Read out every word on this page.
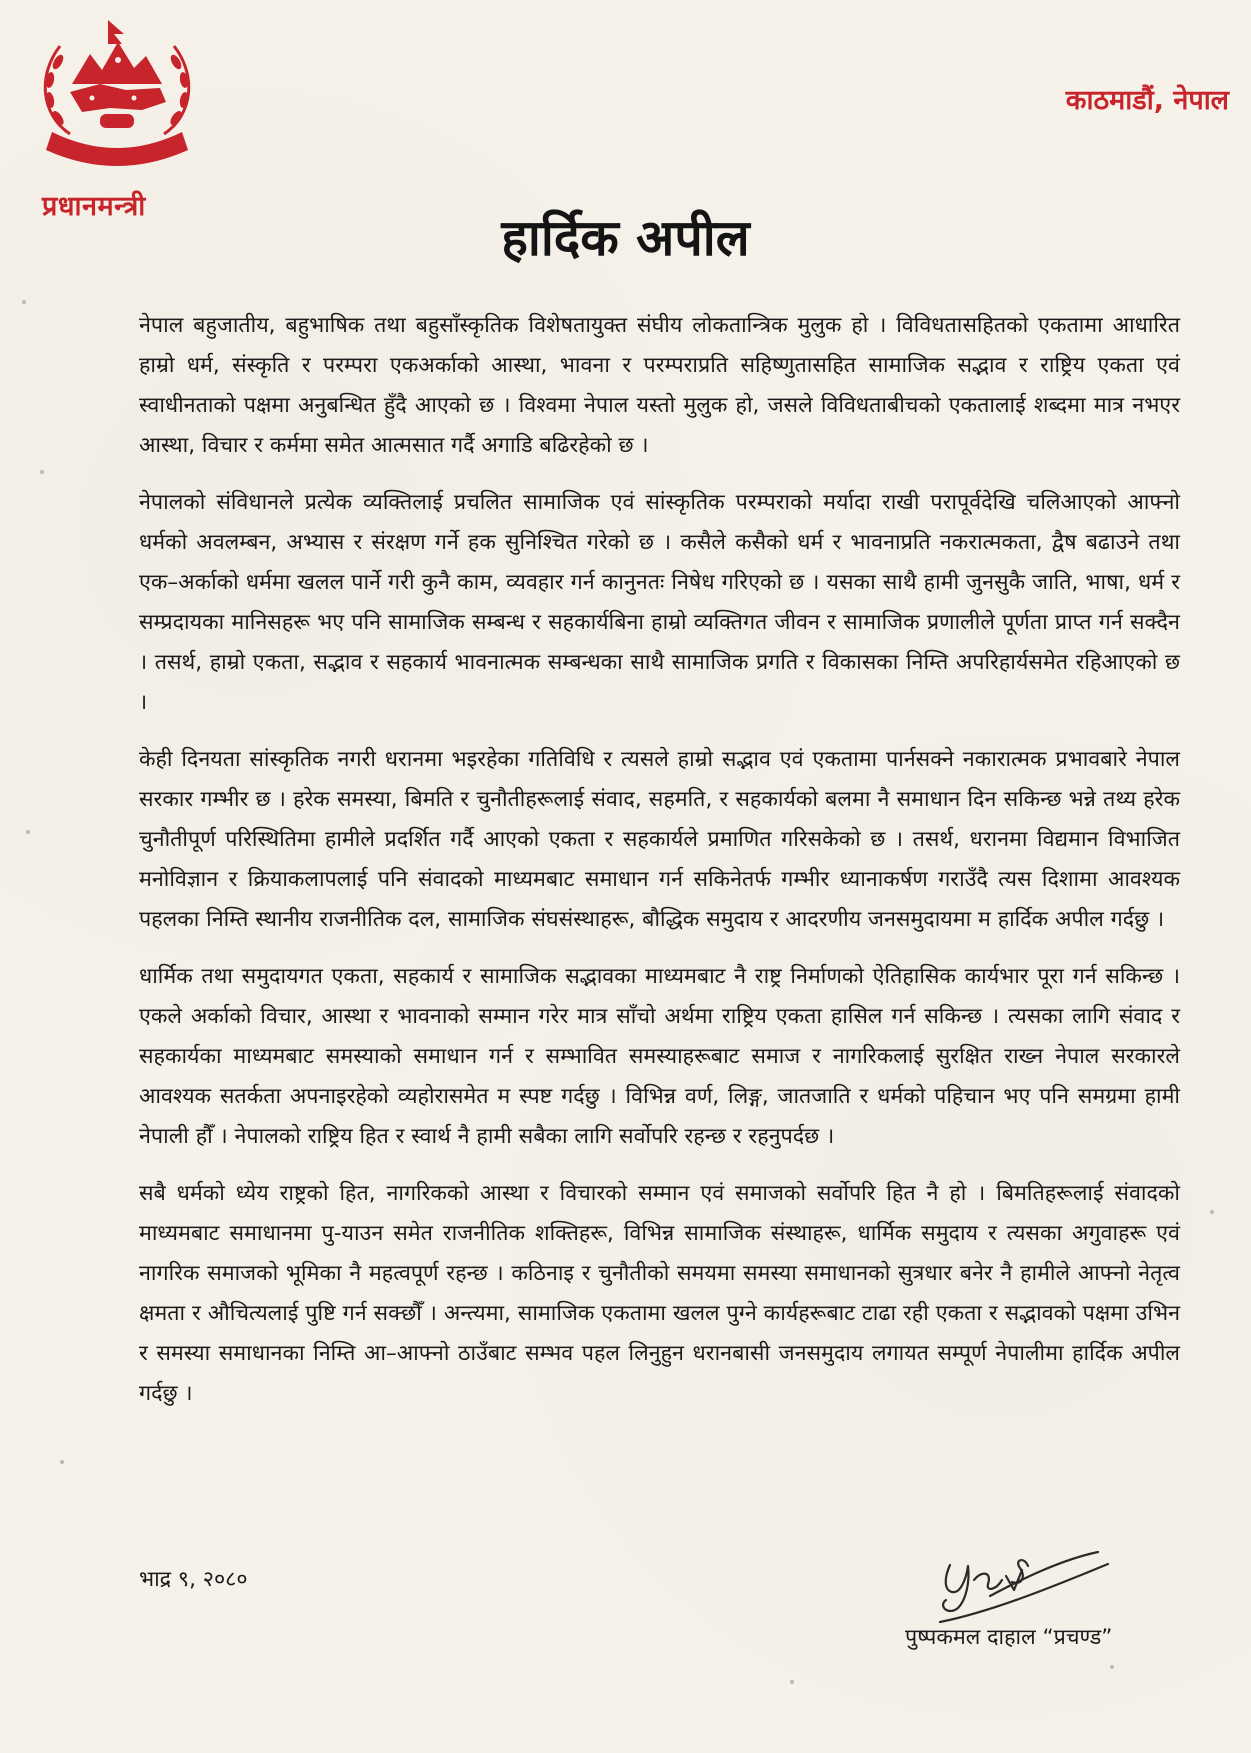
प्रधानमन्त्री
काठमाडौं, नेपाल
हार्दिक अपील

नेपाल बहुजातीय, बहुभाषिक तथा बहुसाँस्कृतिक विशेषतायुक्त संघीय लोकतान्त्रिक मुलुक हो । विविधतासहितको एकतामा आधारित हाम्रो धर्म, संस्कृति र परम्परा एकअर्काको आस्था, भावना र परम्पराप्रति सहिष्णुतासहित सामाजिक सद्भाव र राष्ट्रिय एकता एवं स्वाधीनताको पक्षमा अनुबन्धित हुँदै आएको छ । विश्वमा नेपाल यस्तो मुलुक हो, जसले विविधताबीचको एकतालाई शब्दमा मात्र नभएर आस्था, विचार र कर्ममा समेत आत्मसात गर्दै अगाडि बढिरहेको छ ।

नेपालको संविधानले प्रत्येक व्यक्तिलाई प्रचलित सामाजिक एवं सांस्कृतिक परम्पराको मर्यादा राखी परापूर्वदेखि चलिआएको आफ्नो धर्मको अवलम्बन, अभ्यास र संरक्षण गर्ने हक सुनिश्चित गरेको छ । कसैले कसैको धर्म र भावनाप्रति नकरात्मकता, द्वैष बढाउने तथा एक–अर्काको धर्ममा खलल पार्ने गरी कुनै काम, व्यवहार गर्न कानुनतः निषेध गरिएको छ । यसका साथै हामी जुनसुकै जाति, भाषा, धर्म र सम्प्रदायका मानिसहरू भए पनि सामाजिक सम्बन्ध र सहकार्यबिना हाम्रो व्यक्तिगत जीवन र सामाजिक प्रणालीले पूर्णता प्राप्त गर्न सक्दैन । तसर्थ, हाम्रो एकता, सद्भाव र सहकार्य भावनात्मक सम्बन्धका साथै सामाजिक प्रगति र विकासका निम्ति अपरिहार्यसमेत रहिआएको छ ।

केही दिनयता सांस्कृतिक नगरी धरानमा भइरहेका गतिविधि र त्यसले हाम्रो सद्भाव एवं एकतामा पार्नसक्ने नकारात्मक प्रभावबारे नेपाल सरकार गम्भीर छ । हरेक समस्या, बिमति र चुनौतीहरूलाई संवाद, सहमति, र सहकार्यको बलमा नै समाधान दिन सकिन्छ भन्ने तथ्य हरेक चुनौतीपूर्ण परिस्थितिमा हामीले प्रदर्शित गर्दै आएको एकता र सहकार्यले प्रमाणित गरिसकेको छ । तसर्थ, धरानमा विद्यमान विभाजित मनोविज्ञान र क्रियाकलापलाई पनि संवादको माध्यमबाट समाधान गर्न सकिनेतर्फ गम्भीर ध्यानाकर्षण गराउँदै त्यस दिशामा आवश्यक पहलका निम्ति स्थानीय राजनीतिक दल, सामाजिक संघसंस्थाहरू, बौद्धिक समुदाय र आदरणीय जनसमुदायमा म हार्दिक अपील गर्दछु ।

धार्मिक तथा समुदायगत एकता, सहकार्य र सामाजिक सद्भावका माध्यमबाट नै राष्ट्र निर्माणको ऐतिहासिक कार्यभार पूरा गर्न सकिन्छ । एकले अर्काको विचार, आस्था र भावनाको सम्मान गरेर मात्र साँचो अर्थमा राष्ट्रिय एकता हासिल गर्न सकिन्छ । त्यसका लागि संवाद र सहकार्यका माध्यमबाट समस्याको समाधान गर्न र सम्भावित समस्याहरूबाट समाज र नागरिकलाई सुरक्षित राख्न नेपाल सरकारले आवश्यक सतर्कता अपनाइरहेको व्यहोरासमेत म स्पष्ट गर्दछु । विभिन्न वर्ण, लिङ्ग, जातजाति र धर्मको पहिचान भए पनि समग्रमा हामी नेपाली हौँ । नेपालको राष्ट्रिय हित र स्वार्थ नै हामी सबैका लागि सर्वोपरि रहन्छ र रहनुपर्दछ ।

सबै धर्मको ध्येय राष्ट्रको हित, नागरिकको आस्था र विचारको सम्मान एवं समाजको सर्वोपरि हित नै हो । बिमतिहरूलाई संवादको माध्यमबाट समाधानमा पु-याउन समेत राजनीतिक शक्तिहरू, विभिन्न सामाजिक संस्थाहरू, धार्मिक समुदाय र त्यसका अगुवाहरू एवं नागरिक समाजको भूमिका नै महत्वपूर्ण रहन्छ । कठिनाइ र चुनौतीको समयमा समस्या समाधानको सुत्रधार बनेर नै हामीले आफ्नो नेतृत्व क्षमता र औचित्यलाई पुष्टि गर्न सक्छौँ । अन्त्यमा, सामाजिक एकतामा खलल पुग्ने कार्यहरूबाट टाढा रही एकता र सद्भावको पक्षमा उभिन र समस्या समाधानका निम्ति आ–आफ्नो ठाउँबाट सम्भव पहल लिनुहुन धरानबासी जनसमुदाय लगायत सम्पूर्ण नेपालीमा हार्दिक अपील गर्दछु ।

भाद्र ९, २०८०
पुष्पकमल दाहाल “प्रचण्ड”
